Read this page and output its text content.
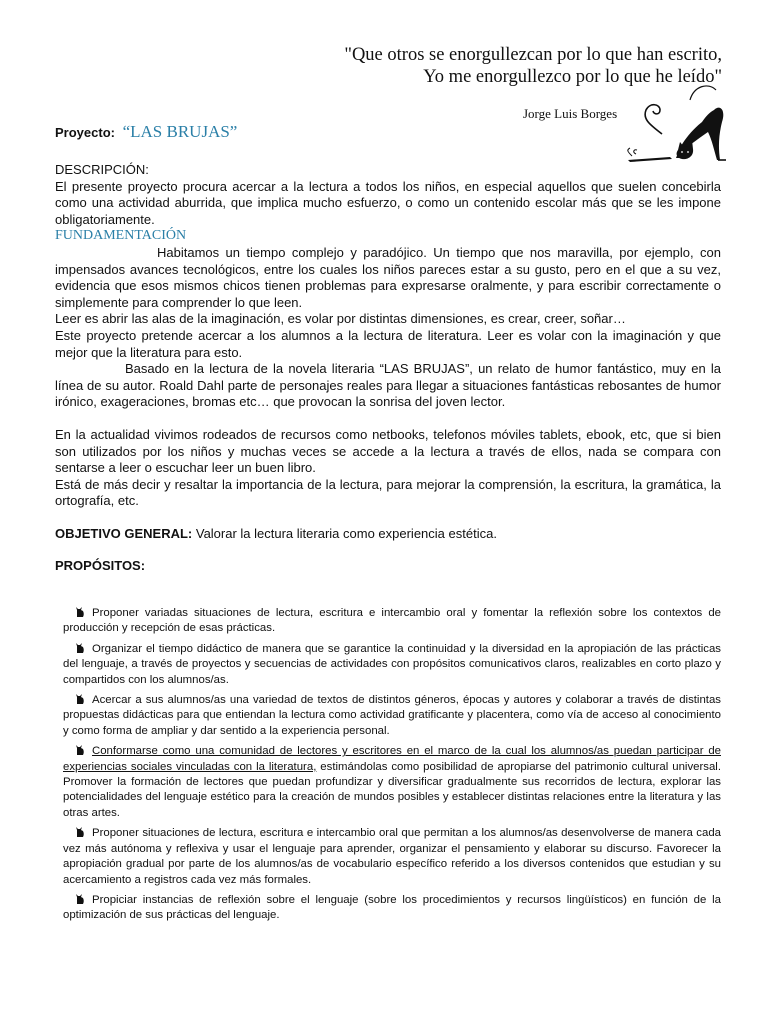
"Que otros se enorgullezcan por lo que han escrito,
Yo me enorgullezco por lo que he leído"
Jorge Luis Borges
Proyecto: “LAS BRUJAS”

DESCRIPCIÓN:

El presente proyecto procura acercar a la lectura a todos los niños, en especial aquellos que suelen concebirla como una actividad aburrida, que implica mucho esfuerzo, o como un contenido escolar más que se les impone obligatoriamente.

FUNDAMENTACIÓN

Habitamos un tiempo complejo y paradójico. Un tiempo que nos maravilla, por ejemplo, con impensados avances tecnológicos, entre los cuales los niños pareces estar a su gusto, pero en el que a su vez, evidencia que esos mismos chicos tienen problemas para expresarse oralmente, y para escribir correctamente o simplemente para comprender lo que leen.

Leer es abrir las alas de la imaginación, es volar por distintas dimensiones, es crear, creer, soñar…

Este proyecto pretende acercar a los alumnos a la lectura de literatura. Leer es volar con la imaginación y que mejor que la literatura para esto.

Basado en la lectura de la novela literaria “LAS BRUJAS”, un relato de humor fantástico, muy en la línea de su autor. Roald Dahl parte de personajes reales para llegar a situaciones fantásticas rebosantes de humor irónico, exageraciones, bromas etc… que provocan la sonrisa del joven lector.

En la actualidad vivimos rodeados de recursos como netbooks, telefonos móviles tablets, ebook, etc, que si bien son utilizados por los niños y muchas veces se accede a la lectura a través de ellos, nada se compara con sentarse a leer o escuchar leer un buen libro.

Está de más decir y resaltar la importancia de la lectura, para mejorar la comprensión, la escritura, la gramática, la ortografía, etc.

OBJETIVO GENERAL: Valorar la lectura literaria como experiencia estética.

PROPÓSITOS:

Proponer variadas situaciones de lectura, escritura e intercambio oral y fomentar la reflexión sobre los contextos de producción y recepción de esas prácticas.

Organizar el tiempo didáctico de manera que se garantice la continuidad y la diversidad en la apropiación de las prácticas del lenguaje, a través de proyectos y secuencias de actividades con propósitos comunicativos claros, realizables en corto plazo y compartidos con los alumnos/as.

Acercar a sus alumnos/as una variedad de textos de distintos géneros, épocas y autores y colaborar a través de distintas propuestas didácticas para que entiendan la lectura como actividad gratificante y placentera, como vía de acceso al conocimiento y como forma de ampliar y dar sentido a la experiencia personal.

Conformarse como una comunidad de lectores y escritores en el marco de la cual los alumnos/as puedan participar de experiencias sociales vinculadas con la literatura, estimándolas como posibilidad de apropiarse del patrimonio cultural universal. Promover la formación de lectores que puedan profundizar y diversificar gradualmente sus recorridos de lectura, explorar las potencialidades del lenguaje estético para la creación de mundos posibles y establecer distintas relaciones entre la literatura y las otras artes.

Proponer situaciones de lectura, escritura e intercambio oral que permitan a los alumnos/as desenvolverse de manera cada vez más autónoma y reflexiva y usar el lenguaje para aprender, organizar el pensamiento y elaborar su discurso. Favorecer la apropiación gradual por parte de los alumnos/as de vocabulario específico referido a los diversos contenidos que estudian y su acercamiento a registros cada vez más formales.

Propiciar instancias de reflexión sobre el lenguaje (sobre los procedimientos y recursos lingüísticos) en función de la optimización de sus prácticas del lenguaje.
